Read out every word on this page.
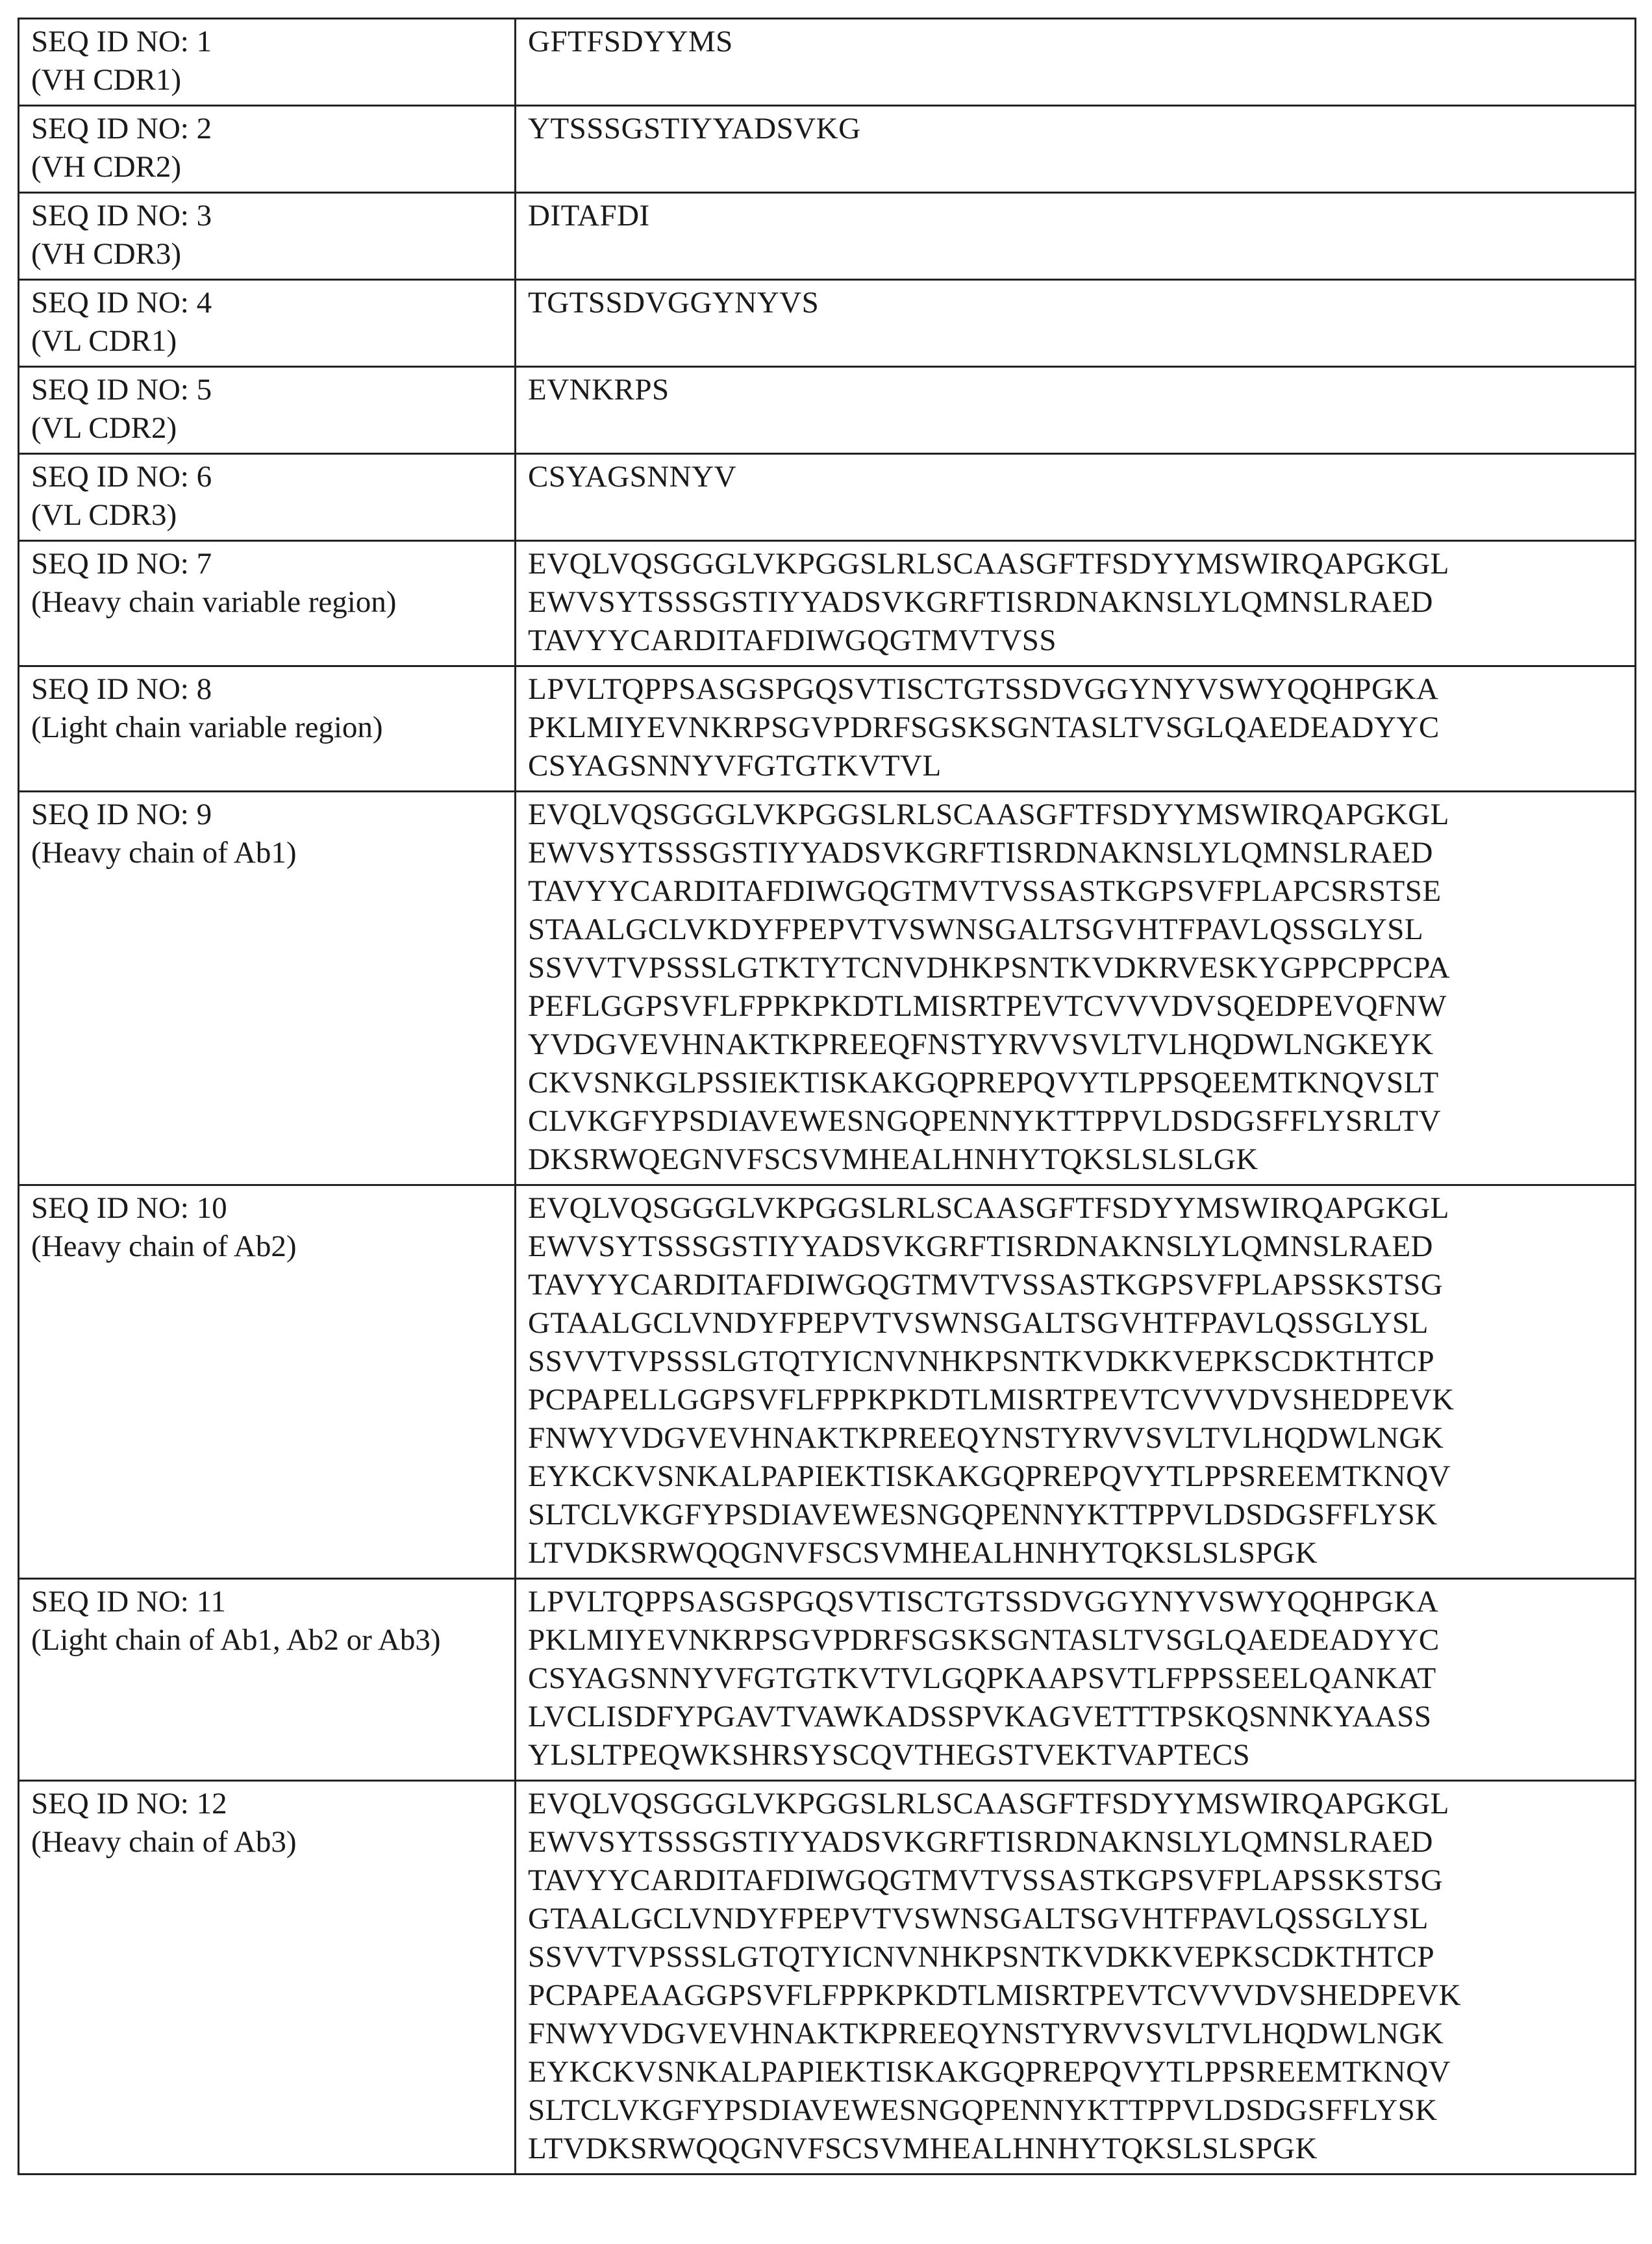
SEQ ID NO: 1
(VH CDR1)

GFTFSDYYMS

SEQ ID NO: 2
(VH CDR2)

YTSSSGSTIYYADSVKG

SEQ ID NO: 3
(VH CDR3)

DITAFDI

SEQ ID NO: 4
(VL CDR1)

TGTSSDVGGYNYVS

SEQ ID NO: 5
(VL CDR2)

EVNKRPS

SEQ ID NO: 6
(VL CDR3)

CSYAGSNNYV

SEQ ID NO: 7
(Heavy chain variable region)

EVQLVQSGGGLVKPGGSLRLSCAASGFTFSDYYMSWIRQAPGKGL
EWVSYTSSSGSTIYYADSVKGRFTISRDNAKNSLYLQMNSLRAED
TAVYYCARDITAFDIWGQGTMVTVSS

SEQ ID NO: 8
(Light chain variable region)

LPVLTQPPSASGSPGQSVTISCTGTSSDVGGYNYVSWYQQHPGKA
PKLMIYEVNKRPSGVPDRFSGSKSGNTASLTVSGLQAEDEADYYC
CSYAGSNNYVFGTGTKVTVL

SEQ ID NO: 9
(Heavy chain of Ab1)

EVQLVQSGGGLVKPGGSLRLSCAASGFTFSDYYMSWIRQAPGKGL
EWVSYTSSSGSTIYYADSVKGRFTISRDNAKNSLYLQMNSLRAED
TAVYYCARDITAFDIWGQGTMVTVSSASTKGPSVFPLAPCSRSTSE
STAALGCLVKDYFPEPVTVSWNSGALTSGVHTFPAVLQSSGLYSL
SSVVTVPSSSLGTKTYTCNVDHKPSNTKVDKRVESKYGPPCPPCPA
PEFLGGPSVFLFPPKPKDTLMISRTPEVTCVVVDVSQEDPEVQFNW
YVDGVEVHNAKTKPREEQFNSTYRVVSVLTVLHQDWLNGKEYK
CKVSNKGLPSSIEKTISKAKGQPREPQVYTLPPSQEEMTKNQVSLT
CLVKGFYPSDIAVEWESNGQPENNYKTTPPVLDSDGSFFLYSRLTV
DKSRWQEGNVFSCSVMHEALHNHYTQKSLSLSLGK

SEQ ID NO: 10
(Heavy chain of Ab2)

EVQLVQSGGGLVKPGGSLRLSCAASGFTFSDYYMSWIRQAPGKGL
EWVSYTSSSGSTIYYADSVKGRFTISRDNAKNSLYLQMNSLRAED
TAVYYCARDITAFDIWGQGTMVTVSSASTKGPSVFPLAPSSKSTSG
GTAALGCLVNDYFPEPVTVSWNSGALTSGVHTFPAVLQSSGLYSL
SSVVTVPSSSLGTQTYICNVNHKPSNTKVDKKVEPKSCDKTHTCP
PCPAPELLGGPSVFLFPPKPKDTLMISRTPEVTCVVVDVSHEDPEVK
FNWYVDGVEVHNAKTKPREEQYNSTYRVVSVLTVLHQDWLNGK
EYKCKVSNKALPAPIEKTISKAKGQPREPQVYTLPPSREEMTKNQV
SLTCLVKGFYPSDIAVEWESNGQPENNYKTTPPVLDSDGSFFLYSK
LTVDKSRWQQGNVFSCSVMHEALHNHYTQKSLSLSPGK

SEQ ID NO: 11
(Light chain of Ab1, Ab2 or Ab3)

LPVLTQPPSASGSPGQSVTISCTGTSSDVGGYNYVSWYQQHPGKA
PKLMIYEVNKRPSGVPDRFSGSKSGNTASLTVSGLQAEDEADYYC
CSYAGSNNYVFGTGTKVTVLGQPKAAPSVTLFPPSSEELQANKAT
LVCLISDFYPGAVTVAWKADSSPVKAGVETTTPSKQSNNKYAASS
YLSLTPEQWKSHRSYSCQVTHEGSTVEKTVAPTECS

SEQ ID NO: 12
(Heavy chain of Ab3)

EVQLVQSGGGLVKPGGSLRLSCAASGFTFSDYYMSWIRQAPGKGL
EWVSYTSSSGSTIYYADSVKGRFTISRDNAKNSLYLQMNSLRAED
TAVYYCARDITAFDIWGQGTMVTVSSASTKGPSVFPLAPSSKSTSG
GTAALGCLVNDYFPEPVTVSWNSGALTSGVHTFPAVLQSSGLYSL
SSVVTVPSSSLGTQTYICNVNHKPSNTKVDKKVEPKSCDKTHTCP
PCPAPEAAGGPSVFLFPPKPKDTLMISRTPEVTCVVVDVSHEDPEVK
FNWYVDGVEVHNAKTKPREEQYNSTYRVVSVLTVLHQDWLNGK
EYKCKVSNKALPAPIEKTISKAKGQPREPQVYTLPPSREEMTKNQV
SLTCLVKGFYPSDIAVEWESNGQPENNYKTTPPVLDSDGSFFLYSK
LTVDKSRWQQGNVFSCSVMHEALHNHYTQKSLSLSPGK
